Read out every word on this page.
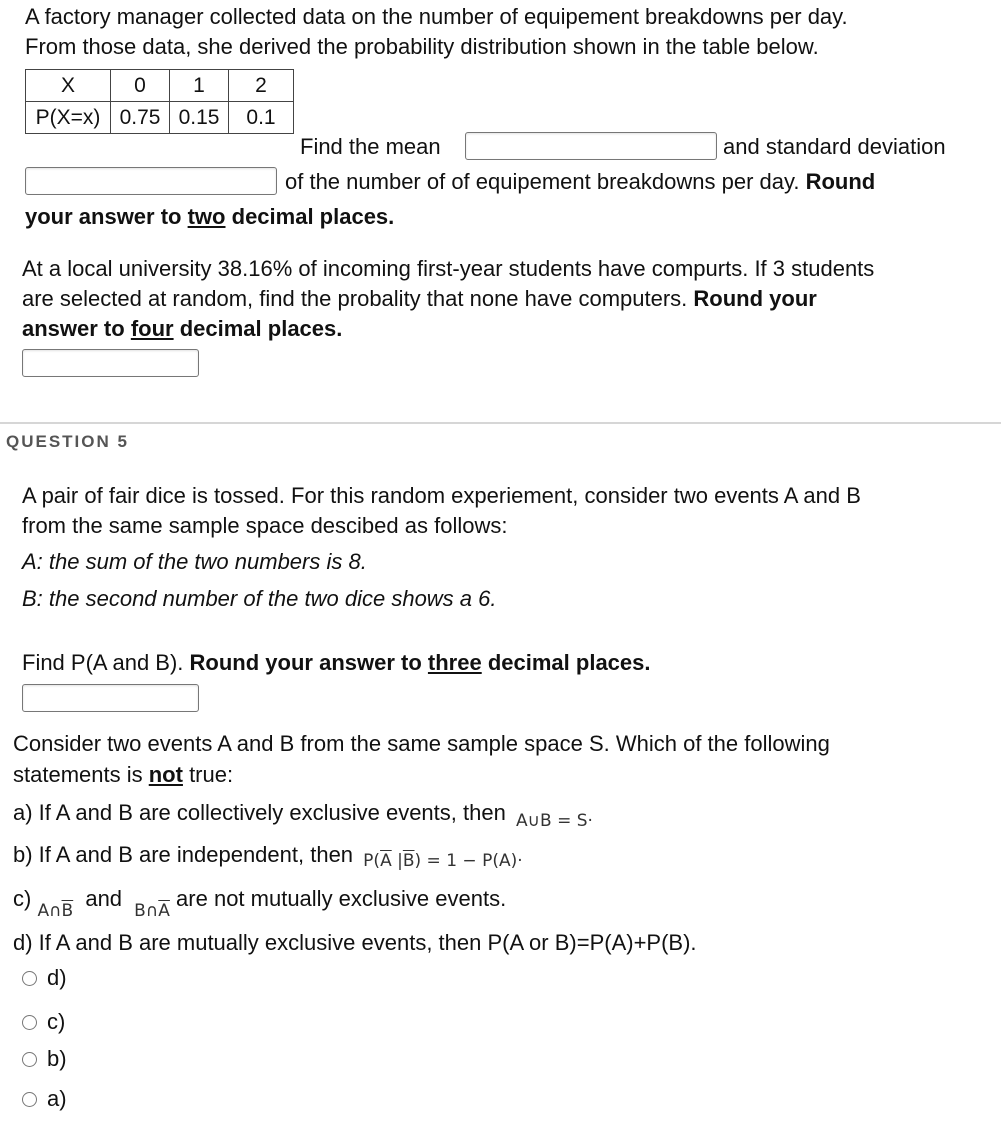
A factory manager collected data on the number of equipement breakdowns per day.
From those data, she derived the probability distribution shown in the table below.
X	0	1	2
P(X=x)	0.75	0.15	0.1
Find the mean	and standard deviation
of the number of of equipement breakdowns per day. Round
your answer to two decimal places.
At a local university 38.16% of incoming first-year students have compurts. If 3 students
are selected at random, find the probality that none have computers. Round your
answer to four decimal places.
QUESTION 5
A pair of fair dice is tossed. For this random experiement, consider two events A and B
from the same sample space descibed as follows:
A: the sum of the two numbers is 8.
B: the second number of the two dice shows a 6.
Find P(A and B). Round your answer to three decimal places.
Consider two events A and B from the same sample space S. Which of the following
statements is not true:
a) If A and B are collectively exclusive events, then $_{A\cup B = S\cdot}$
b) If A and B are independent, then $P(\overline{A}$ $|\overline{B}) = 1 - P(A)\cdot$
c) $_{A\cap\overline{B}}$ and $_{B\cap\overline{A}}$ are not mutually exclusive events.
d) If A and B are mutually exclusive events, then P(A or B)=P(A)+P(B).
d)
c)
b)
a)
